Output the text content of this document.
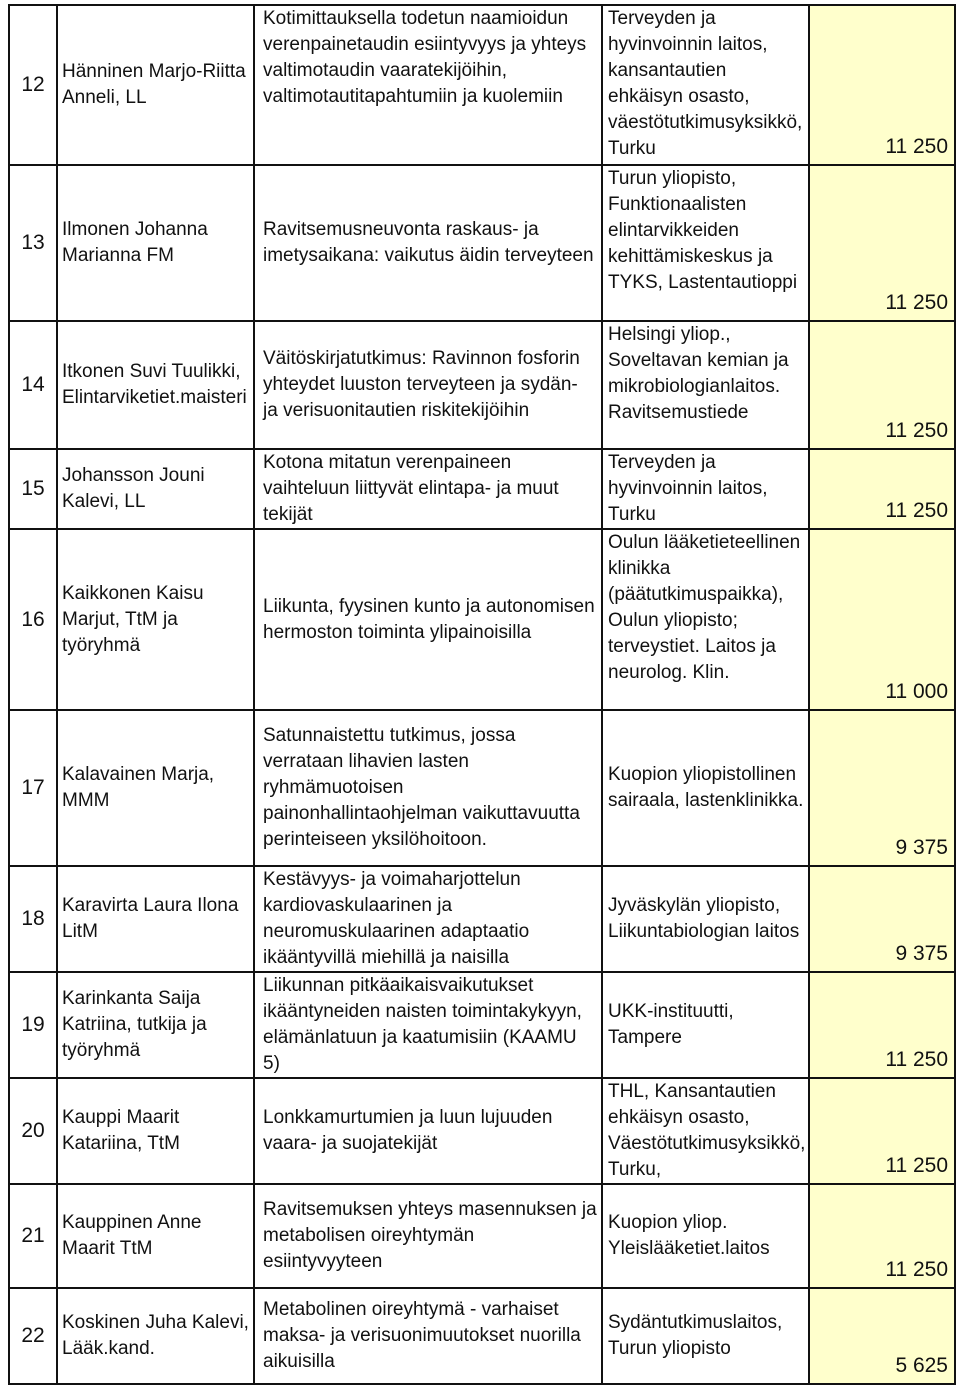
12	Hänninen Marjo-Riitta Anneli, LL	Kotimittauksella todetun naamioidun verenpainetaudin esiintyvyys ja yhteys valtimotaudin vaaratekijöihin, valtimotautitapahtumiin ja kuolemiin	Terveyden ja hyvinvoinnin laitos, kansantautien ehkäisyn osasto, väestötutkimusyksikkö, Turku	11 250
13	Ilmonen Johanna Marianna FM	Ravitsemusneuvonta raskaus- ja imetysaikana: vaikutus äidin terveyteen	Turun yliopisto, Funktionaalisten elintarvikkeiden kehittämiskeskus ja TYKS, Lastentautioppi	11 250
14	Itkonen Suvi Tuulikki, Elintarviketiet.maisteri	Väitöskirjatutkimus: Ravinnon fosforin yhteydet luuston terveyteen ja sydän- ja verisuonitautien riskitekijöihin	Helsingi yliop., Soveltavan kemian ja mikrobiologianlaitos. Ravitsemustiede	11 250
15	Johansson Jouni Kalevi, LL	Kotona mitatun verenpaineen vaihteluun liittyvät elintapa- ja muut tekijät	Terveyden ja hyvinvoinnin laitos, Turku	11 250
16	Kaikkonen Kaisu Marjut, TtM ja työryhmä	Liikunta, fyysinen kunto ja autonomisen hermoston toiminta ylipainoisilla	Oulun lääketieteellinen klinikka (päätutkimuspaikka), Oulun yliopisto; terveystiet. Laitos ja neurolog. Klin.	11 000
17	Kalavainen Marja, MMM	Satunnaistettu tutkimus, jossa verrataan lihavien lasten ryhmämuotoisen painonhallintaohjelman vaikuttavuutta perinteiseen yksilöhoitoon.	Kuopion yliopistollinen sairaala, lastenklinikka.	9 375
18	Karavirta Laura Ilona LitM	Kestävyys- ja voimaharjottelun kardiovaskulaarinen ja neuromuskulaarinen adaptaatio ikääntyvillä miehillä ja naisilla	Jyväskylän yliopisto, Liikuntabiologian laitos	9 375
19	Karinkanta Saija Katriina, tutkija ja työryhmä	Liikunnan pitkäaikaisvaikutukset ikääntyneiden naisten toimintakykyyn, elämänlatuun ja kaatumisiin (KAAMU 5)	UKK-instituutti, Tampere	11 250
20	Kauppi Maarit Katariina, TtM	Lonkkamurtumien ja luun lujuuden vaara- ja suojatekijät	THL, Kansantautien ehkäisyn osasto, Väestötutkimusyksikkö, Turku,	11 250
21	Kauppinen Anne Maarit TtM	Ravitsemuksen yhteys masennuksen ja metabolisen oireyhtymän esiintyvyyteen	Kuopion yliop. Yleislääketiet.laitos	11 250
22	Koskinen Juha Kalevi, Lääk.kand.	Metabolinen oireyhtymä - varhaiset maksa- ja verisuonimuutokset nuorilla aikuisilla	Sydäntutkimuslaitos, Turun yliopisto	5 625
